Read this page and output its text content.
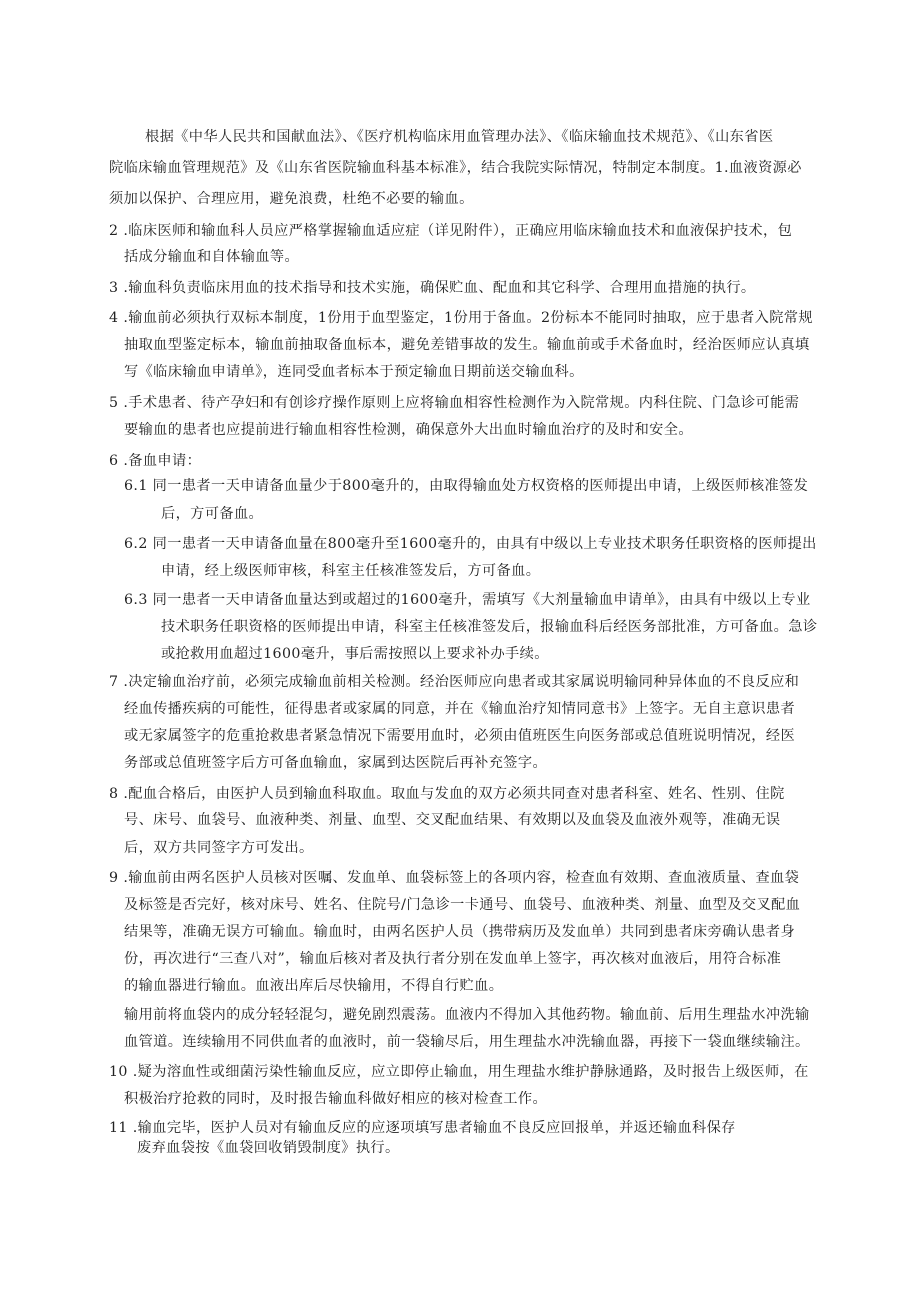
根据《中华人民共和国献血法》、《医疗机构临床用血管理办法》、《临床输血技术规范》、《山东省医
院临床输血管理规范》及《山东省医院输血科基本标准》，结合我院实际情况，特制定本制度。1.血液资源必
须加以保护、合理应用，避免浪费，杜绝不必要的输血。
2 .临床医师和输血科人员应严格掌握输血适应症（详见附件），正确应用临床输血技术和血液保护技术，包
括成分输血和自体输血等。
3 .输血科负责临床用血的技术指导和技术实施，确保贮血、配血和其它科学、合理用血措施的执行。
4 .输血前必须执行双标本制度，1份用于血型鉴定，1份用于备血。2份标本不能同时抽取，应于患者入院常规
抽取血型鉴定标本，输血前抽取备血标本，避免差错事故的发生。输血前或手术备血时，经治医师应认真填
写《临床输血申请单》，连同受血者标本于预定输血日期前送交输血科。
5 .手术患者、待产孕妇和有创诊疗操作原则上应将输血相容性检测作为入院常规。内科住院、门急诊可能需
要输血的患者也应提前进行输血相容性检测，确保意外大出血时输血治疗的及时和安全。
6 .备血申请：
6.1 同一患者一天申请备血量少于800毫升的，由取得输血处方权资格的医师提出申请，上级医师核准签发
后，方可备血。
6.2 同一患者一天申请备血量在800毫升至1600毫升的，由具有中级以上专业技术职务任职资格的医师提出
申请，经上级医师审核，科室主任核准签发后，方可备血。
6.3 同一患者一天申请备血量达到或超过的1600毫升，需填写《大剂量输血申请单》，由具有中级以上专业
技术职务任职资格的医师提出申请，科室主任核准签发后，报输血科后经医务部批准，方可备血。急诊
或抢救用血超过1600毫升，事后需按照以上要求补办手续。
7 .决定输血治疗前，必须完成输血前相关检测。经治医师应向患者或其家属说明输同种异体血的不良反应和
经血传播疾病的可能性，征得患者或家属的同意，并在《输血治疗知情同意书》上签字。无自主意识患者
或无家属签字的危重抢救患者紧急情况下需要用血时，必须由值班医生向医务部或总值班说明情况，经医
务部或总值班签字后方可备血输血，家属到达医院后再补充签字。
8 .配血合格后，由医护人员到输血科取血。取血与发血的双方必须共同查对患者科室、姓名、性别、住院
号、床号、血袋号、血液种类、剂量、血型、交叉配血结果、有效期以及血袋及血液外观等，准确无误
后，双方共同签字方可发出。
9 .输血前由两名医护人员核对医嘱、发血单、血袋标签上的各项内容，检查血有效期、查血液质量、查血袋
及标签是否完好，核对床号、姓名、住院号/门急诊一卡通号、血袋号、血液种类、剂量、血型及交叉配血
结果等，准确无误方可输血。输血时，由两名医护人员（携带病历及发血单）共同到患者床旁确认患者身
份，再次进行“三查八对”，输血后核对者及执行者分别在发血单上签字，再次核对血液后，用符合标准
的输血器进行输血。血液出库后尽快输用，不得自行贮血。
输用前将血袋内的成分轻轻混匀，避免剧烈震荡。血液内不得加入其他药物。输血前、后用生理盐水冲洗输
血管道。连续输用不同供血者的血液时，前一袋输尽后，用生理盐水冲洗输血器，再接下一袋血继续输注。
10 .疑为溶血性或细菌污染性输血反应，应立即停止输血，用生理盐水维护静脉通路，及时报告上级医师，在
积极治疗抢救的同时，及时报告输血科做好相应的核对检查工作。
11 .输血完毕，医护人员对有输血反应的应逐项填写患者输血不良反应回报单，并返还输血科保存
废弃血袋按《血袋回收销毁制度》执行。
